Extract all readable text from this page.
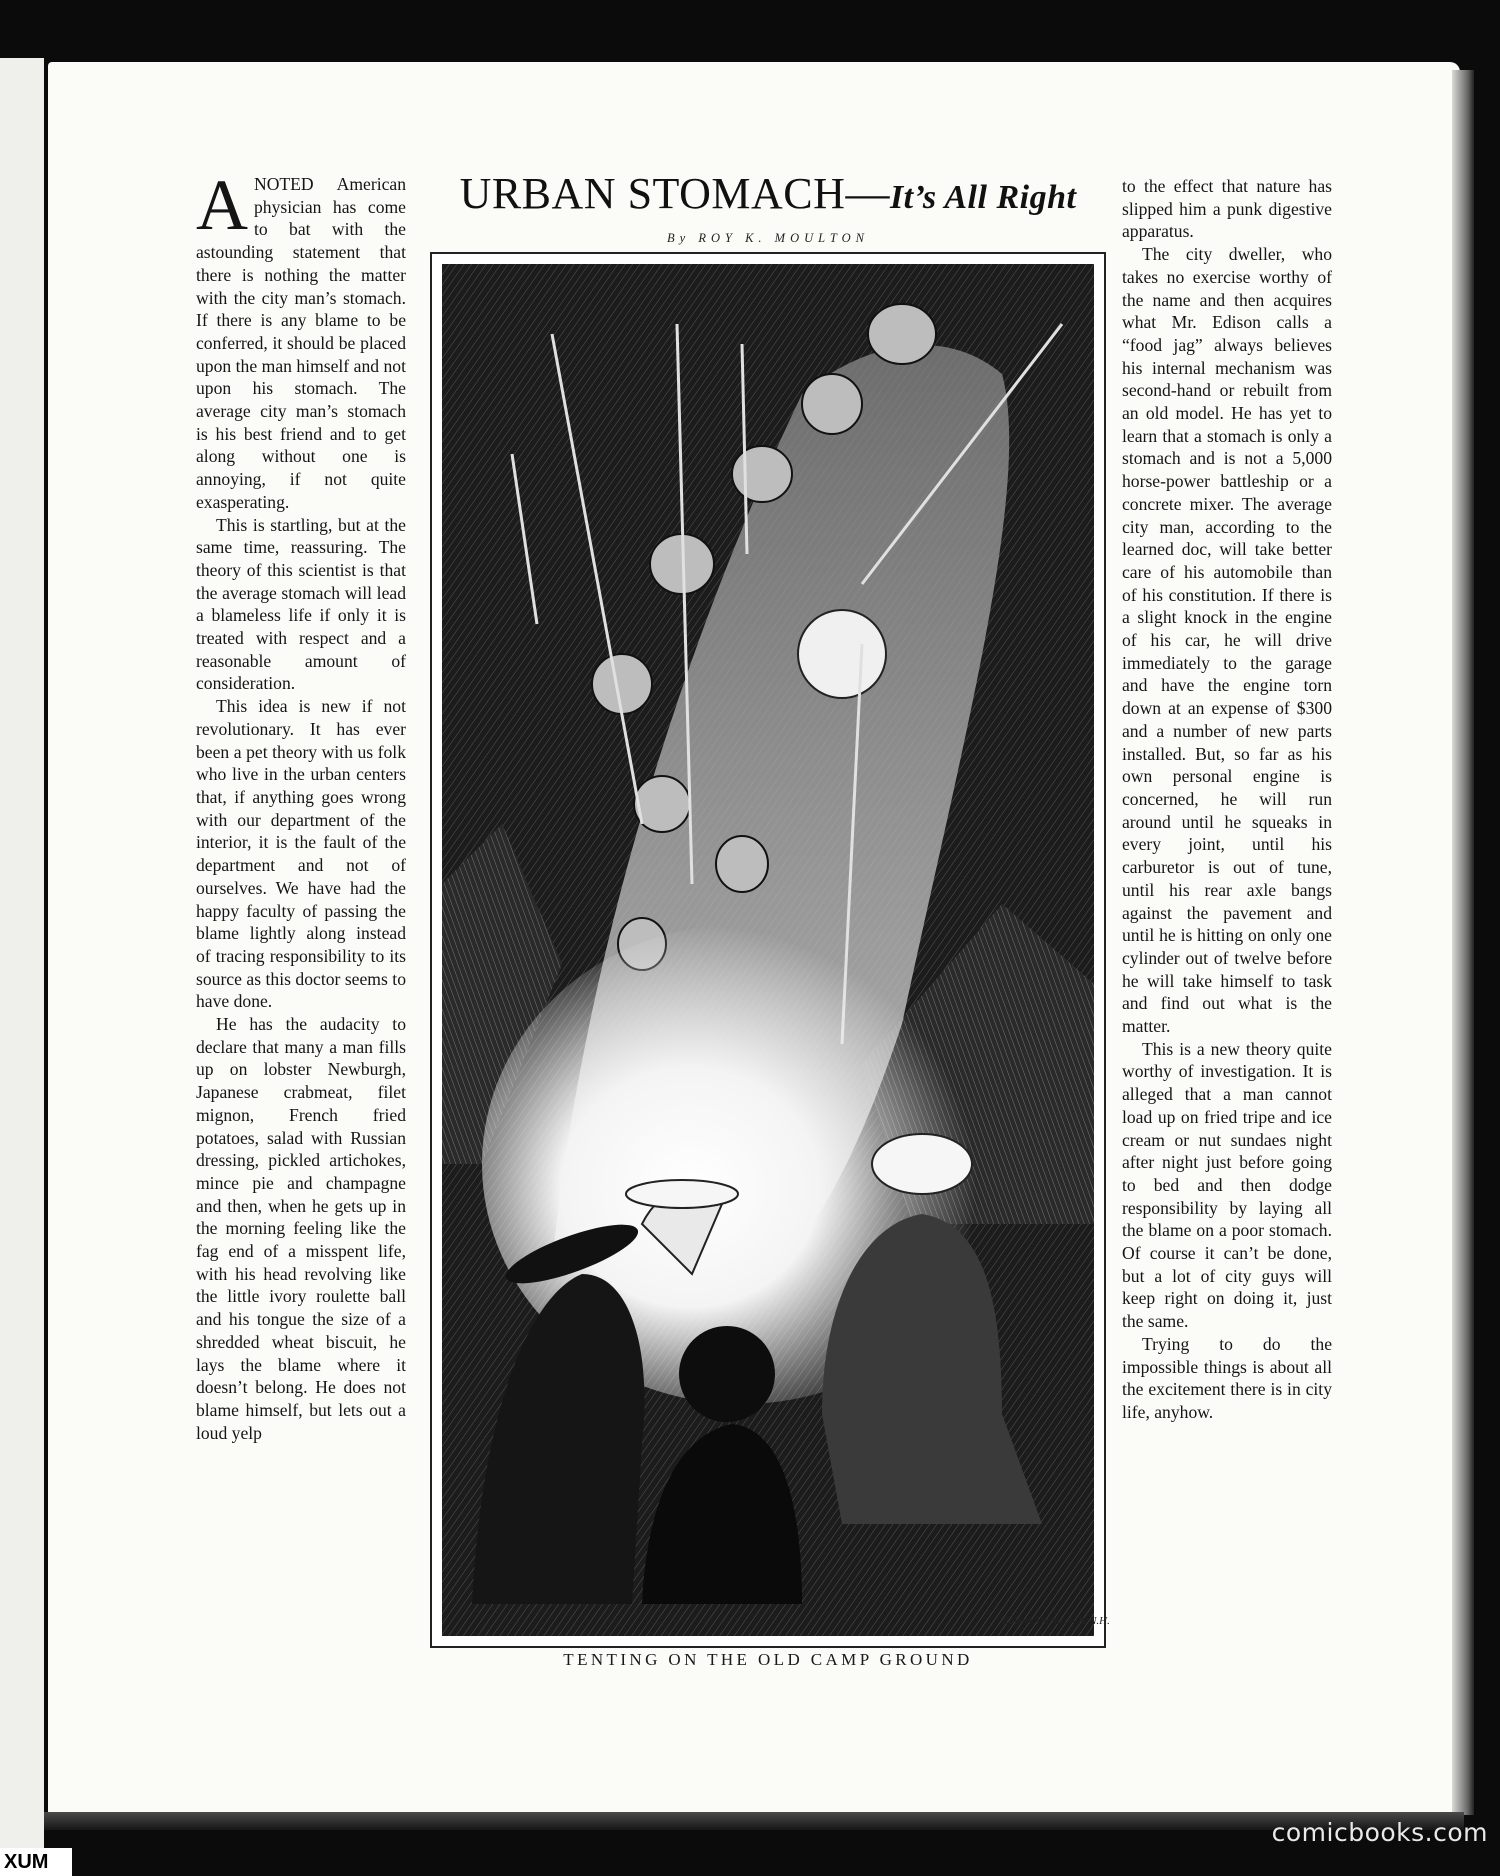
ANOTED American physician has come to bat with the astounding statement that there is nothing the matter with the city man’s stomach. If there is any blame to be conferred, it should be placed upon the man himself and not upon his stomach. The average city man’s stomach is his best friend and to get along without one is annoying, if not quite exasperating.

This is startling, but at the same time, reassuring. The theory of this scientist is that the average stomach will lead a blameless life if only it is treated with respect and a reasonable amount of consideration.

This idea is new if not revolutionary. It has ever been a pet theory with us folk who live in the urban centers that, if anything goes wrong with our department of the interior, it is the fault of the department and not of ourselves. We have had the happy faculty of passing the blame lightly along instead of tracing responsibility to its source as this doctor seems to have done.

He has the audacity to declare that many a man fills up on lobster Newburgh, Japanese crabmeat, filet mignon, French fried potatoes, salad with Russian dressing, pickled artichokes, mince pie and champagne and then, when he gets up in the morning feeling like the fag end of a misspent life, with his head revolving like the little ivory roulette ball and his tongue the size of a shredded wheat biscuit, he lays the blame where it doesn’t belong. He does not blame himself, but lets out a loud yelp

URBAN STOMACH—It’s All Right
By ROY K. MOULTON
Robert Thomson & N.H.
TENTING ON THE OLD CAMP GROUND

to the effect that nature has slipped him a punk digestive apparatus.

The city dweller, who takes no exercise worthy of the name and then acquires what Mr. Edison calls a “food jag” always believes his internal mechanism was second-hand or rebuilt from an old model. He has yet to learn that a stomach is only a stomach and is not a 5,000 horse-power battleship or a concrete mixer. The average city man, according to the learned doc, will take better care of his automobile than of his constitution. If there is a slight knock in the engine of his car, he will drive immediately to the garage and have the engine torn down at an expense of $300 and a number of new parts installed. But, so far as his own personal engine is concerned, he will run around until he squeaks in every joint, until his carburetor is out of tune, until his rear axle bangs against the pavement and until he is hitting on only one cylinder out of twelve before he will take himself to task and find out what is the matter.

This is a new theory quite worthy of investigation. It is alleged that a man cannot load up on fried tripe and ice cream or nut sundaes night after night just before going to bed and then dodge responsibility by laying all the blame on a poor stomach. Of course it can’t be done, but a lot of city guys will keep right on doing it, just the same.

Trying to do the impossible things is about all the excitement there is in city life, anyhow.

XUM
comicbooks.com
